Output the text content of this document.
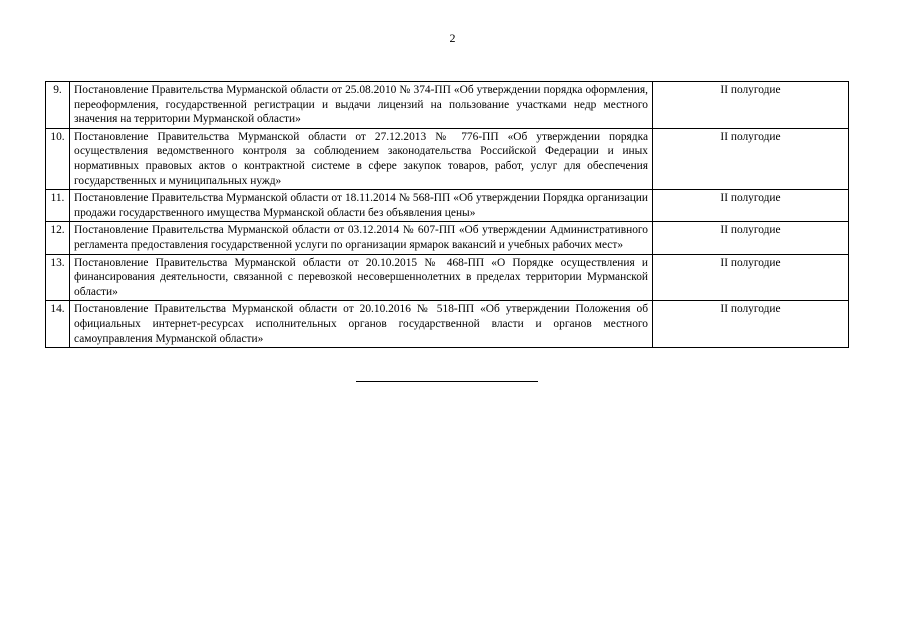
2
9.	Постановление Правительства Мурманской области от 25.08.2010 № 374-ПП «Об утверждении порядка оформления, переоформления, государственной регистрации и выдачи лицензий на пользование участками недр местного значения на территории Мурманской области»	II полугодие
10.	Постановление Правительства Мурманской области от 27.12.2013 № 776-ПП «Об утверждении порядка осуществления ведомственного контроля за соблюдением законодательства Российской Федерации и иных нормативных правовых актов о контрактной системе в сфере закупок товаров, работ, услуг для обеспечения государственных и муниципальных нужд»	II полугодие
11.	Постановление Правительства Мурманской области от 18.11.2014 № 568-ПП «Об утверждении Порядка организации продажи государственного имущества Мурманской области без объявления цены»	II полугодие
12.	Постановление Правительства Мурманской области от 03.12.2014 № 607-ПП «Об утверждении Административного регламента предоставления государственной услуги по организации ярмарок вакансий и учебных рабочих мест»	II полугодие
13.	Постановление Правительства Мурманской области от 20.10.2015 № 468-ПП «О Порядке осуществления и финансирования деятельности, связанной с перевозкой несовершеннолетних в пределах территории Мурманской области»	II полугодие
14.	Постановление Правительства Мурманской области от 20.10.2016 № 518-ПП «Об утверждении Положения об официальных интернет-ресурсах исполнительных органов государственной власти и органов местного самоуправления Мурманской области»	II полугодие
